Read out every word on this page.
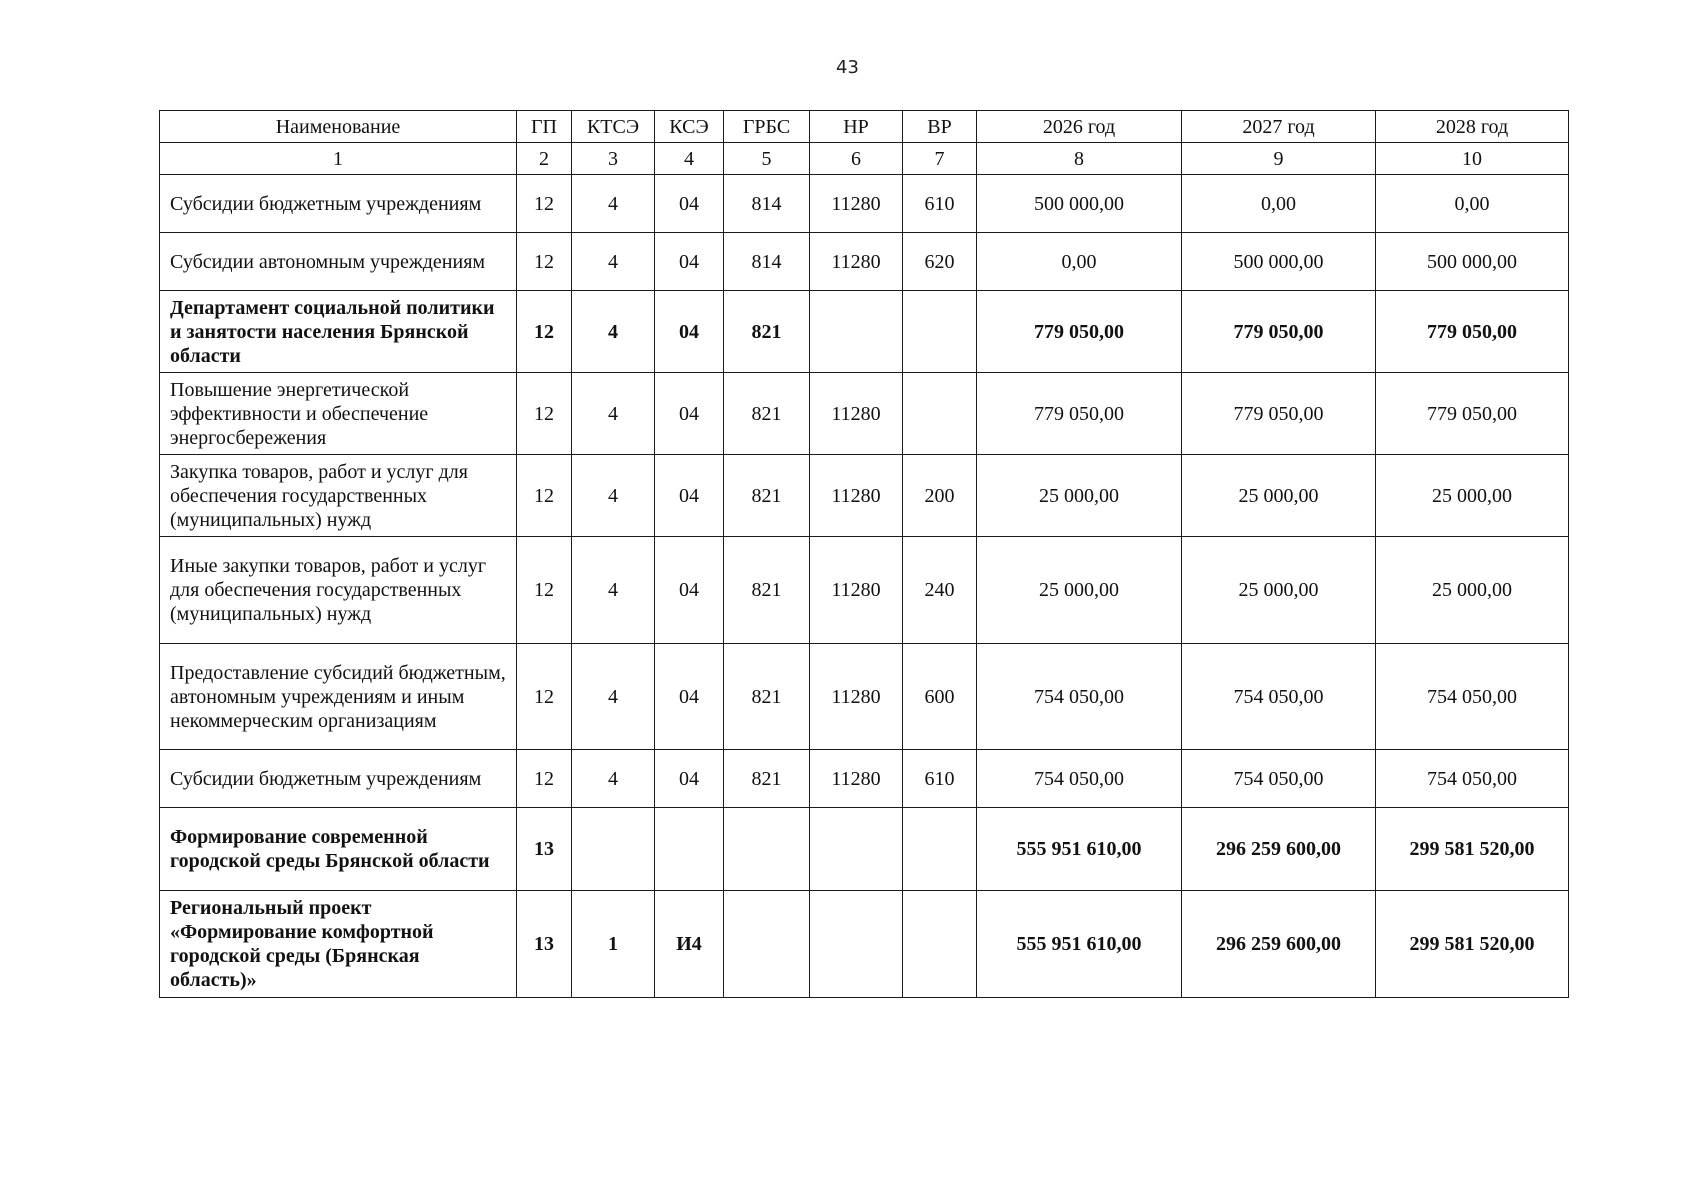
43
Наименование	ГП	КТСЭ	КСЭ	ГРБС	НР	ВР	2026 год	2027 год	2028 год
1	2	3	4	5	6	7	8	9	10
Субсидии бюджетным учреждениям	12	4	04	814	11280	610	500 000,00	0,00	0,00
Субсидии автономным учреждениям	12	4	04	814	11280	620	0,00	500 000,00	500 000,00
Департамент социальной политики и занятости населения Брянской области	12	4	04	821			779 050,00	779 050,00	779 050,00
Повышение энергетической эффективности и обеспечение энергосбережения	12	4	04	821	11280		779 050,00	779 050,00	779 050,00
Закупка товаров, работ и услуг для обеспечения государственных (муниципальных) нужд	12	4	04	821	11280	200	25 000,00	25 000,00	25 000,00
Иные закупки товаров, работ и услуг для обеспечения государственных (муниципальных) нужд	12	4	04	821	11280	240	25 000,00	25 000,00	25 000,00
Предоставление субсидий бюджетным, автономным учреждениям и иным некоммерческим организациям	12	4	04	821	11280	600	754 050,00	754 050,00	754 050,00
Субсидии бюджетным учреждениям	12	4	04	821	11280	610	754 050,00	754 050,00	754 050,00
Формирование современной городской среды Брянской области	13						555 951 610,00	296 259 600,00	299 581 520,00
Региональный проект «Формирование комфортной городской среды (Брянская область)»	13	1	И4				555 951 610,00	296 259 600,00	299 581 520,00
